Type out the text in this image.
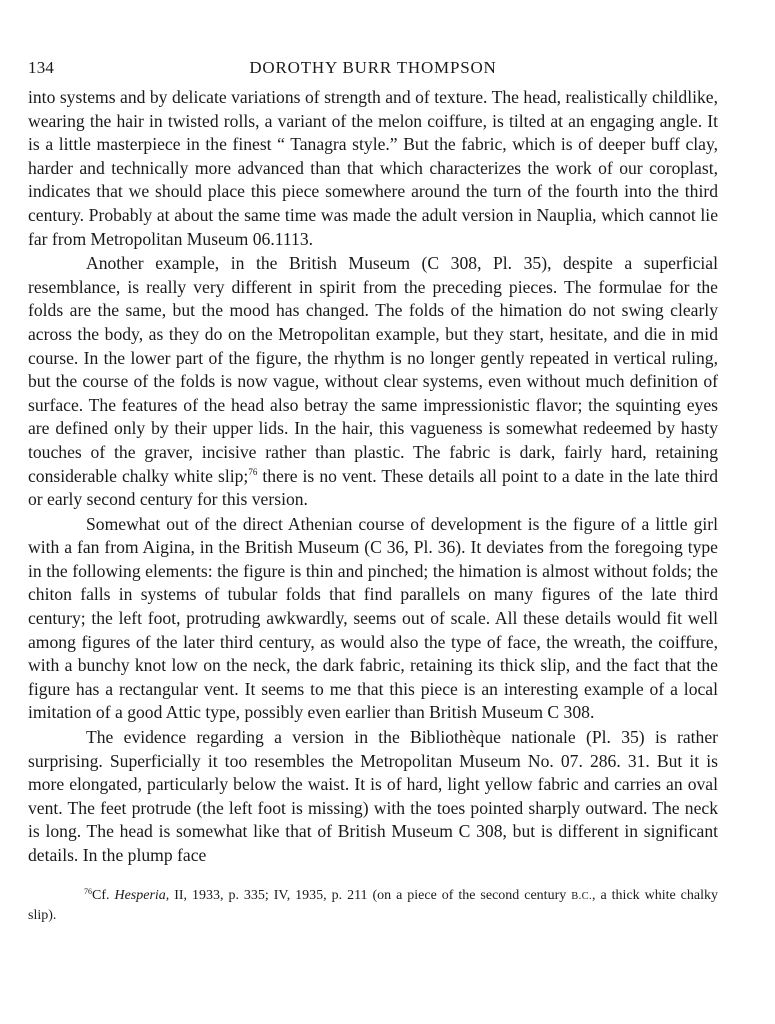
134	DOROTHY BURR THOMPSON

into systems and by delicate variations of strength and of texture. The head, realistically childlike, wearing the hair in twisted rolls, a variant of the melon coiffure, is tilted at an engaging angle. It is a little masterpiece in the finest “ Tanagra style.” But the fabric, which is of deeper buff clay, harder and technically more advanced than that which characterizes the work of our coroplast, indicates that we should place this piece somewhere around the turn of the fourth into the third century. Probably at about the same time was made the adult version in Nauplia, which cannot lie far from Metropolitan Museum 06.1113.

Another example, in the British Museum (C 308, Pl. 35), despite a superficial resemblance, is really very different in spirit from the preceding pieces. The formulae for the folds are the same, but the mood has changed. The folds of the himation do not swing clearly across the body, as they do on the Metropolitan example, but they start, hesitate, and die in mid course. In the lower part of the figure, the rhythm is no longer gently repeated in vertical ruling, but the course of the folds is now vague, without clear systems, even without much definition of surface. The features of the head also betray the same impressionistic flavor; the squinting eyes are defined only by their upper lids. In the hair, this vagueness is somewhat redeemed by hasty touches of the graver, incisive rather than plastic. The fabric is dark, fairly hard, retaining considerable chalky white slip;$^{76}$ there is no vent. These details all point to a date in the late third or early second century for this version.

Somewhat out of the direct Athenian course of development is the figure of a little girl with a fan from Aigina, in the British Museum (C 36, Pl. 36). It deviates from the foregoing type in the following elements: the figure is thin and pinched; the himation is almost without folds; the chiton falls in systems of tubular folds that find parallels on many figures of the late third century; the left foot, protruding awkwardly, seems out of scale. All these details would fit well among figures of the later third century, as would also the type of face, the wreath, the coiffure, with a bunchy knot low on the neck, the dark fabric, retaining its thick slip, and the fact that the figure has a rectangular vent. It seems to me that this piece is an interesting example of a local imitation of a good Attic type, possibly even earlier than British Museum C 308.

The evidence regarding a version in the Bibliothèque nationale (Pl. 35) is rather surprising. Superficially it too resembles the Metropolitan Museum No. 07. 286. 31. But it is more elongated, particularly below the waist. It is of hard, light yellow fabric and carries an oval vent. The feet protrude (the left foot is missing) with the toes pointed sharply outward. The neck is long. The head is somewhat like that of British Museum C 308, but is different in significant details. In the plump face

$^{76}$Cf. Hesperia, II, 1933, p. 335; IV, 1935, p. 211 (on a piece of the second century B.C., a thick white chalky slip).
